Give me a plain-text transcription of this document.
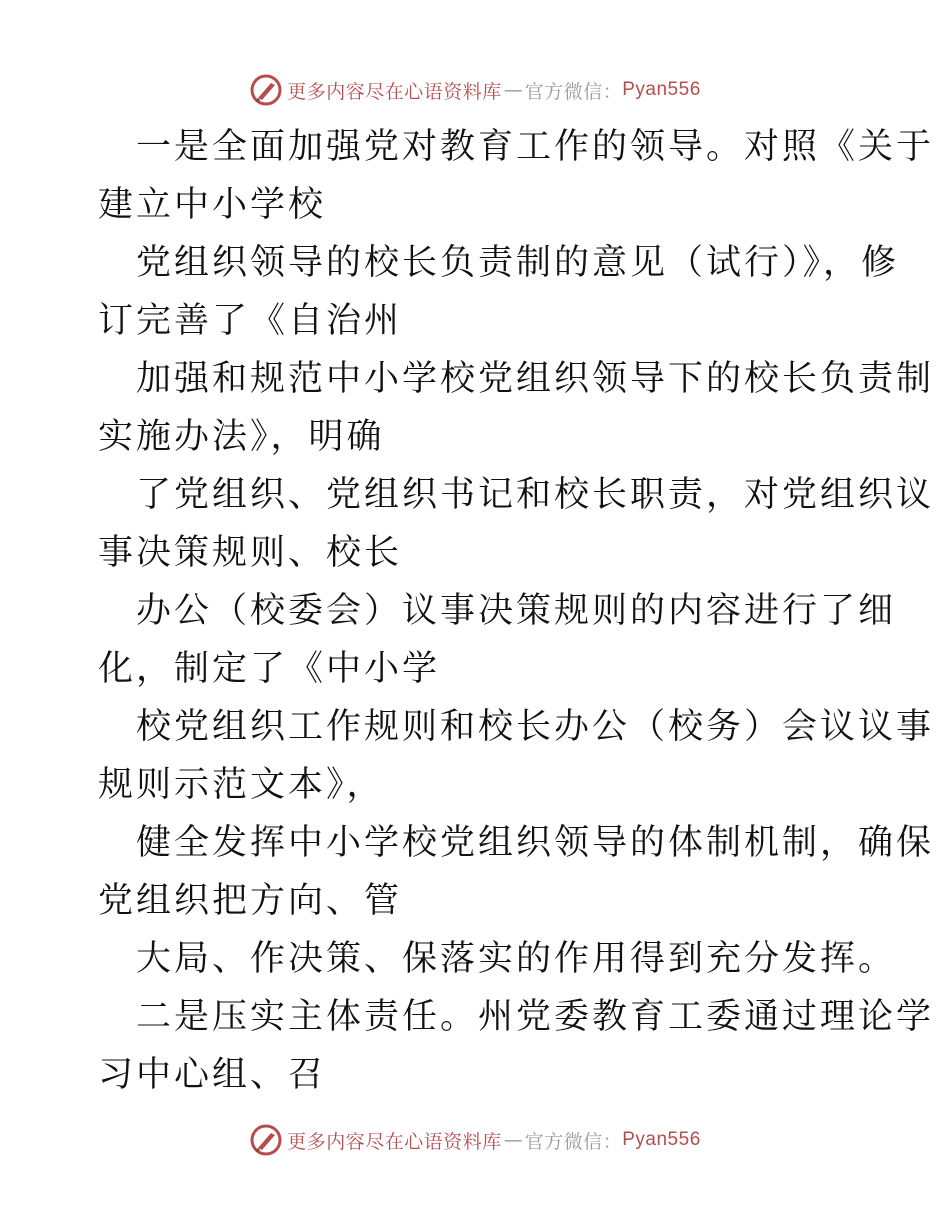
更多内容尽在心语资料库 — 官方微信： Pyan556
一是全面加强党对教育工作的领导。对照《关于
建立中小学校
党组织领导的校长负责制的意见（试行）》，修
订完善了《自治州
加强和规范中小学校党组织领导下的校长负责制
实施办法》，明确
了党组织、党组织书记和校长职责，对党组织议
事决策规则、校长
办公（校委会）议事决策规则的内容进行了细
化，制定了《中小学
校党组织工作规则和校长办公（校务）会议议事
规则示范文本》，
健全发挥中小学校党组织领导的体制机制，确保
党组织把方向、管
大局、作决策、保落实的作用得到充分发挥。
二是压实主体责任。州党委教育工委通过理论学
习中心组、召
更多内容尽在心语资料库 — 官方微信： Pyan556
